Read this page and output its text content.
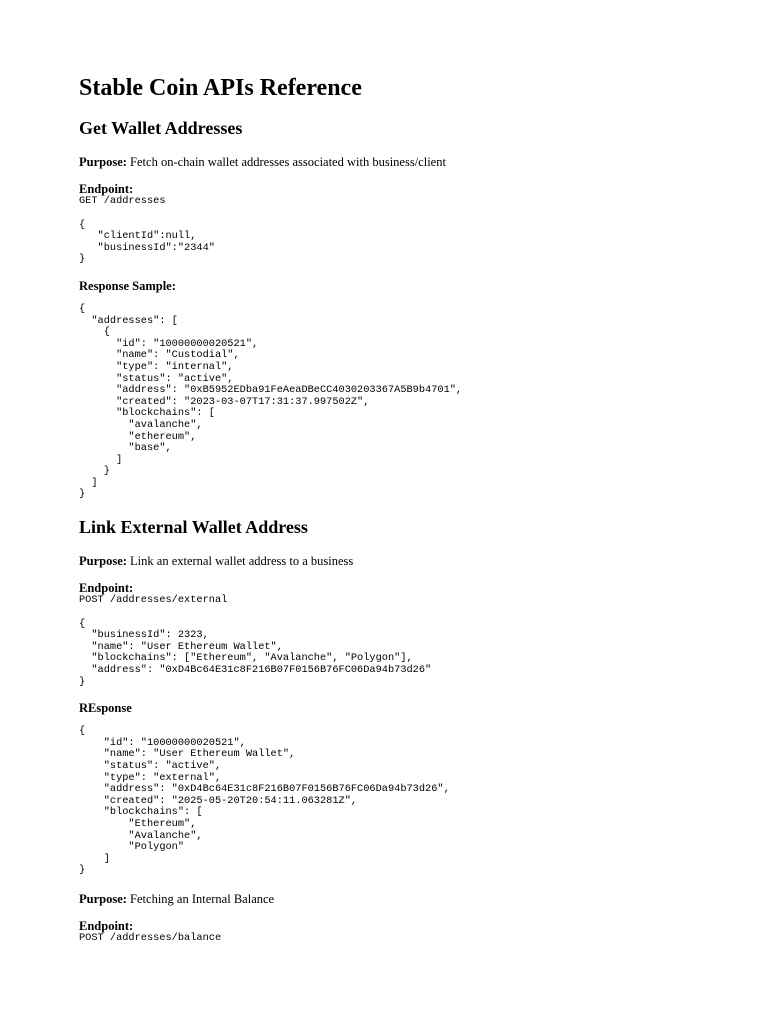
Stable Coin APIs Reference
Get Wallet Addresses

Purpose: Fetch on-chain wallet addresses associated with business/client

Endpoint:

GET /addresses
{
"clientId":null,
"businessId":"2344"
}

Response Sample:

{
"addresses": [
{
"id": "10000000020521",
"name": "Custodial",
"type": "internal",
"status": "active",
"address": "0xB5952EDba91FeAeaDBeCC4030203367A5B9b4701",
"created": "2023-03-07T17:31:37.997502Z",
"blockchains": [
"avalanche",
"ethereum",
"base",
]
}
]
}
Link External Wallet Address

Purpose: Link an external wallet address to a business

Endpoint:

POST /addresses/external
{
"businessId": 2323,
"name": "User Ethereum Wallet",
"blockchains": ["Ethereum", "Avalanche", "Polygon"],
"address": "0xD4Bc64E31c8F216B07F0156B76FC06Da94b73d26"
}

REsponse

{
"id": "10000000020521",
"name": "User Ethereum Wallet",
"status": "active",
"type": "external",
"address": "0xD4Bc64E31c8F216B07F0156B76FC06Da94b73d26",
"created": "2025-05-20T20:54:11.063281Z",
"blockchains": [
"Ethereum",
"Avalanche",
"Polygon"
]
}

Purpose: Fetching an Internal Balance

Endpoint:

POST /addresses/balance
